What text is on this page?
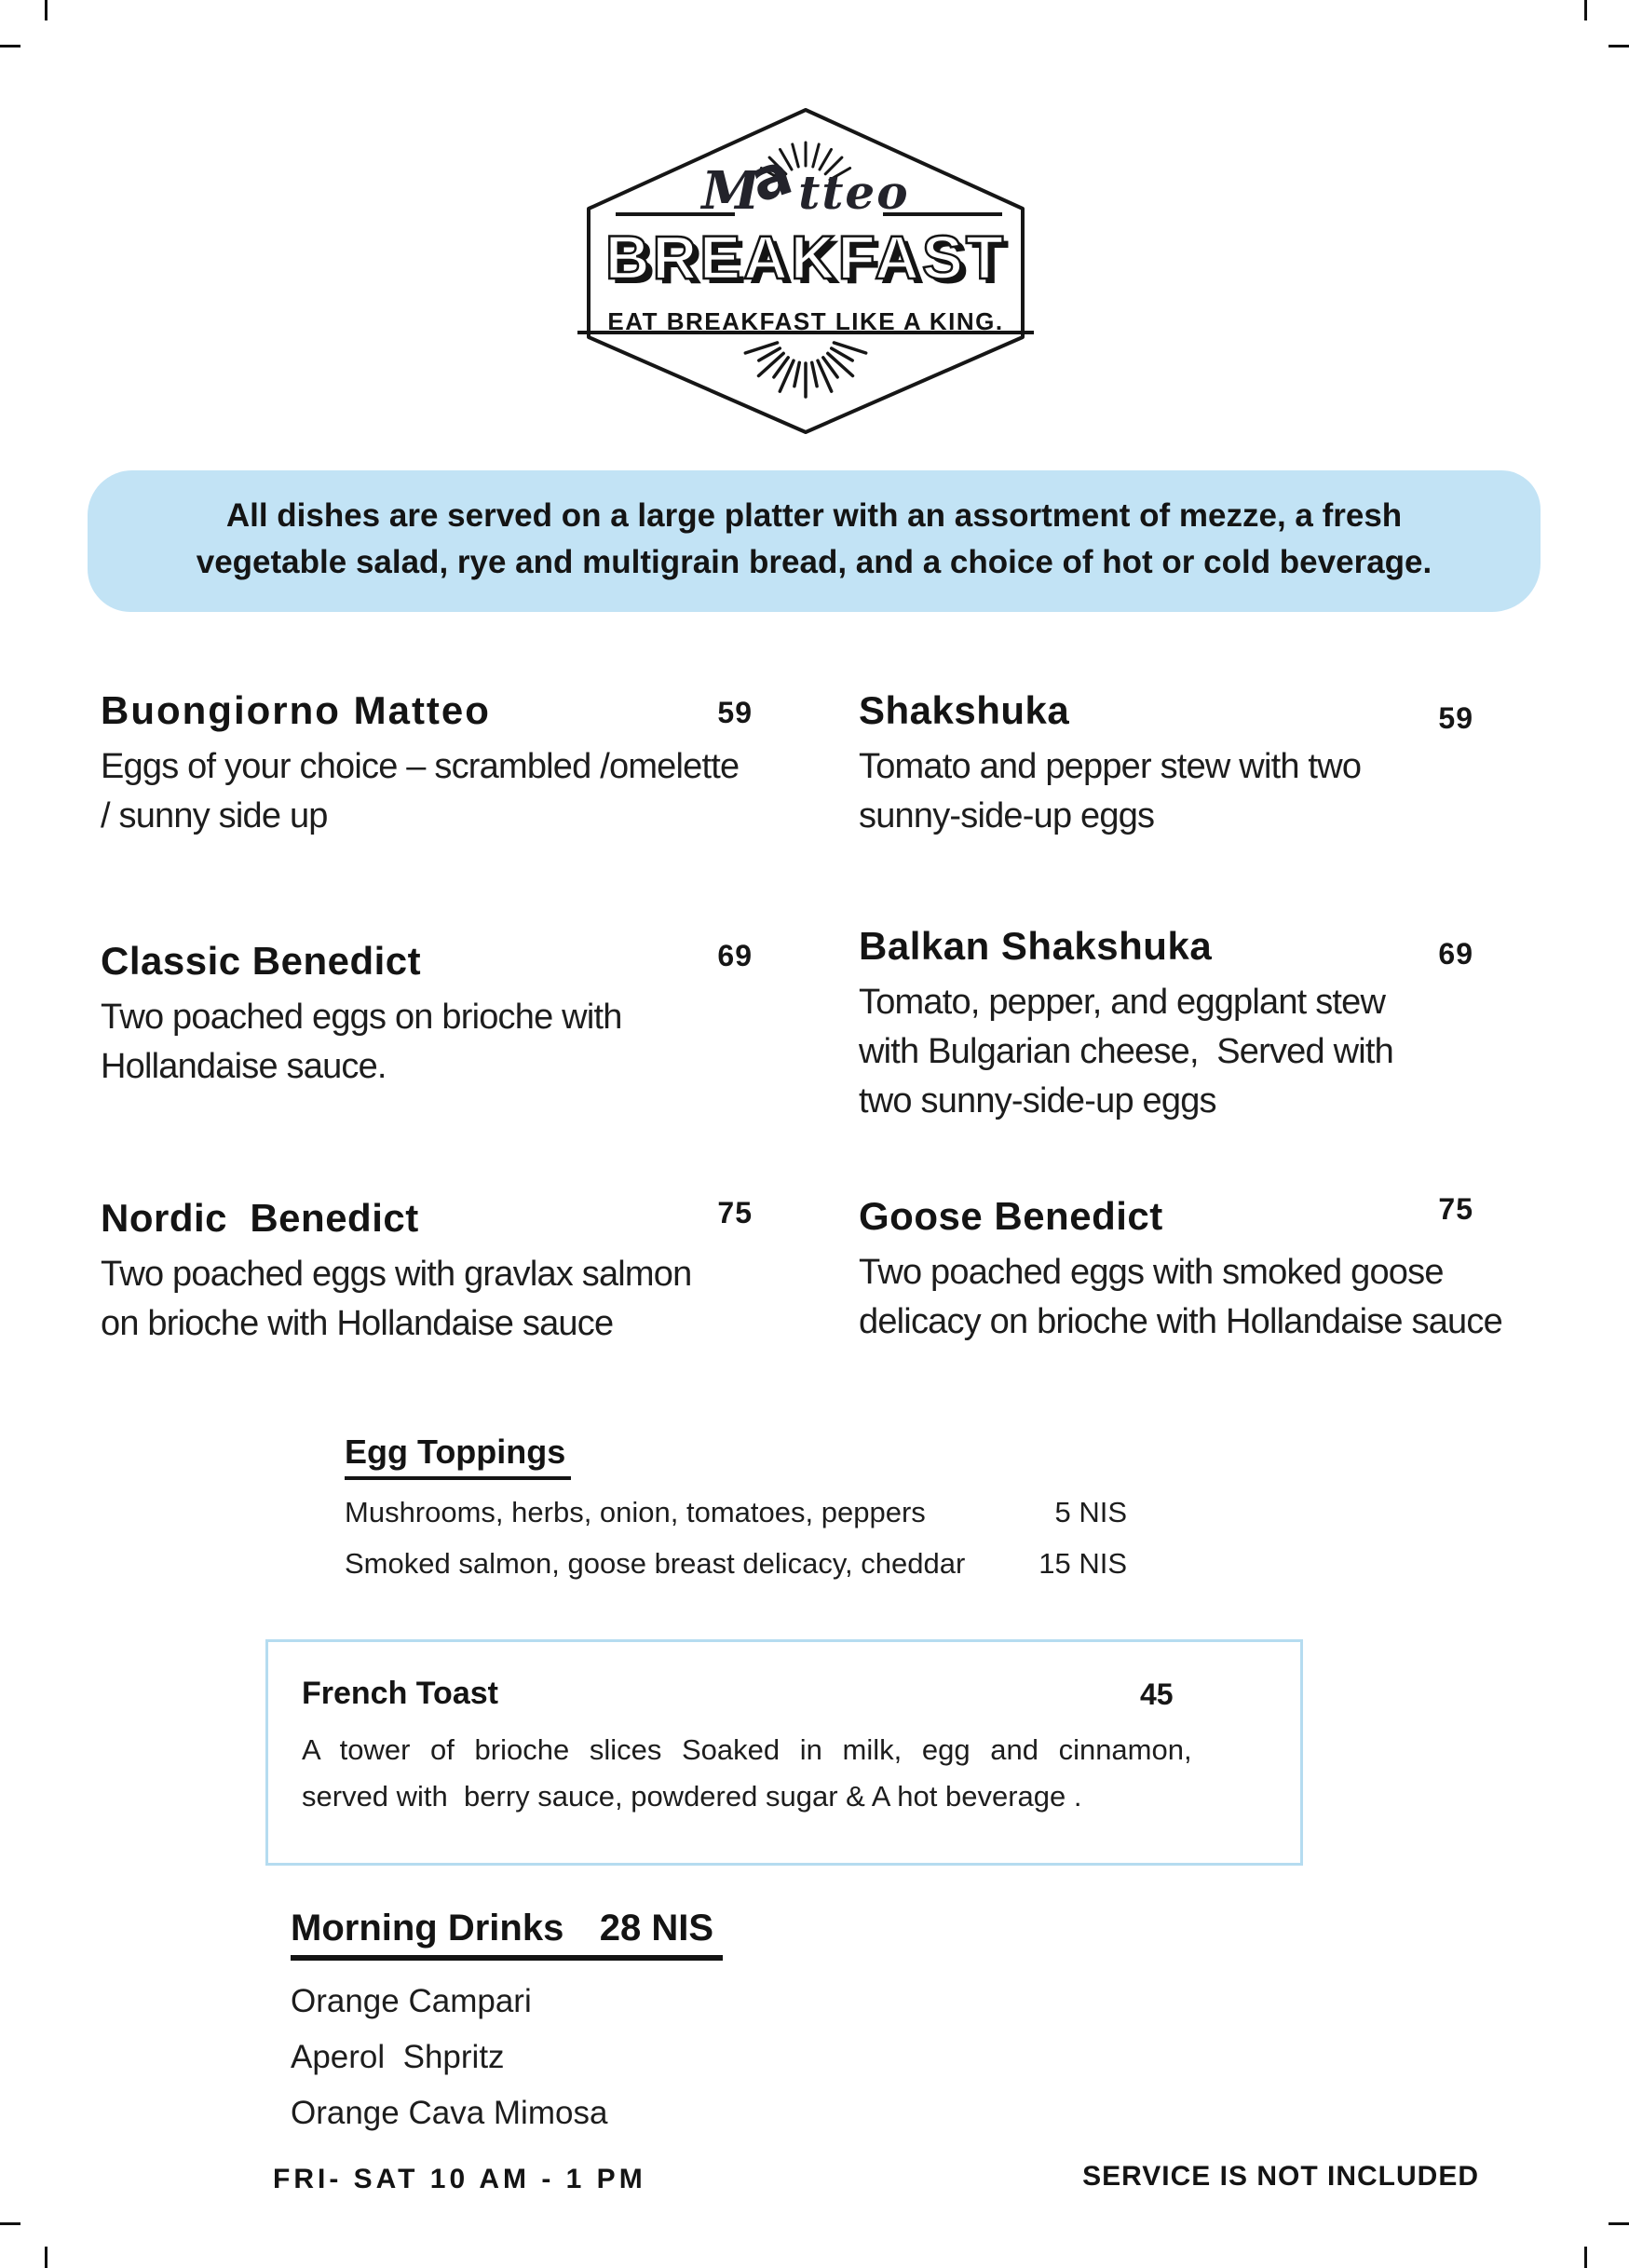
Matteo
BREAKFAST
EAT BREAKFAST LIKE A KING.
All dishes are served on a large platter with an assortment of mezze, a fresh
vegetable salad, rye and multigrain bread, and a choice of hot or cold beverage.
Buongiorno Matteo	59
Eggs of your choice – scrambled /omelette
/ sunny side up
Shakshuka	59
Tomato and pepper stew with two
sunny-side-up eggs
Classic Benedict	69
Two poached eggs on brioche with
Hollandaise sauce.
Balkan Shakshuka	69
Tomato, pepper, and eggplant stew
with Bulgarian cheese,  Served with
two sunny-side-up eggs
Nordic  Benedict	75
Two poached eggs with gravlax salmon
on brioche with Hollandaise sauce
Goose Benedict	75
Two poached eggs with smoked goose
delicacy on brioche with Hollandaise sauce
Egg Toppings
Mushrooms, herbs, onion, tomatoes, peppers	5 NIS
Smoked salmon, goose breast delicacy, cheddar	15 NIS
French Toast	45
A tower of brioche slices Soaked in milk, egg and cinnamon,
served with  berry sauce, powdered sugar & A hot beverage .
Morning Drinks 28 NIS
Orange Campari
Aperol  Shpritz
Orange Cava Mimosa
FRI- SAT 10 AM - 1 PM	SERVICE IS NOT INCLUDED
